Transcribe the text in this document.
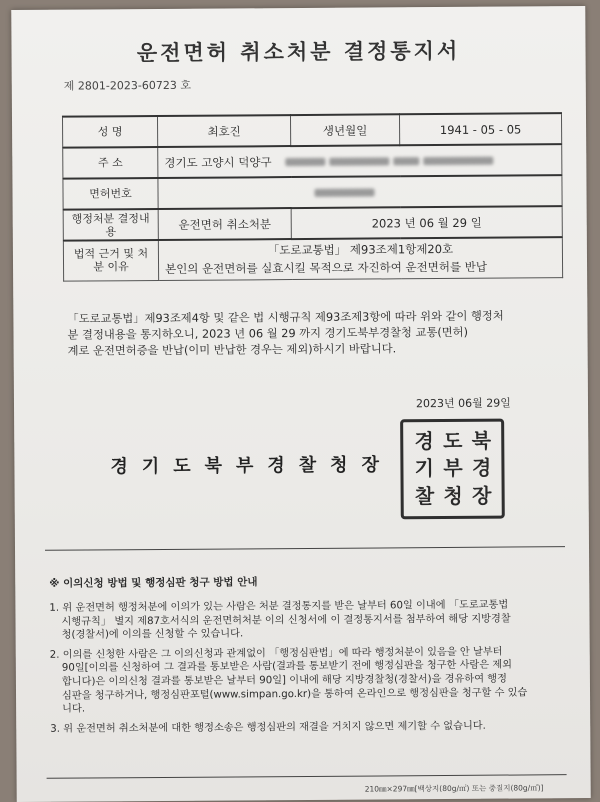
운전면허 취소처분 결정통지서
제 2801-2023-60723 호
성 명	최호진	생년월일	1941 - 05 - 05
주 소	경기도 고양시 덕양구		
면허번호			
행정처분 결정내용	운전면허 취소처분	2023 년 06 월 29 일	
법적 근거 및 처분 이유	「도로교통법」 제93조제1항제20호
본인의 운전면허를 실효시킬 목적으로 자진하여 운전면허를 반납		
「도로교통법」제93조제4항 및 같은 법 시행규칙 제93조제3항에 따라 위와 같이 행정처
분 결정내용을 통지하오니, 2023 년 06 월 29 까지 경기도북부경찰청 교통(면허)
계로 운전면허증을 반납(이미 반납한 경우는 제외)하시기 바랍니다.
2023년 06월 29일
경기도북부경찰청장
경 도 북
기 부 경
찰 청 장
※ 이의신청 방법 및 행정심판 청구 방법 안내
1. 위 운전면허 행정처분에 이의가 있는 사람은 처분 결정통지를 받은 날부터 60일 이내에 「도로교통법
시행규칙」 별지 제87호서식의 운전면허처분 이의 신청서에 이 결정통지서를 첨부하여 해당 지방경찰
청(경찰서)에 이의를 신청할 수 있습니다.
2. 이의를 신청한 사람은 그 이의신청과 관계없이 「행정심판법」에 따라 행정처분이 있음을 안 날부터
90일[이의를 신청하여 그 결과를 통보받은 사람(결과를 통보받기 전에 행정심판을 청구한 사람은 제외
합니다)은 이의신청 결과를 통보받은 날부터 90일] 이내에 해당 지방경찰청(경찰서)을 경유하여 행정
심판을 청구하거나, 행정심판포털(www.simpan.go.kr)을 통하여 온라인으로 행정심판을 청구할 수 있습
니다.
3. 위 운전면허 취소처분에 대한 행정소송은 행정심판의 재결을 거치지 않으면 제기할 수 없습니다.
210㎜×297㎜[백상지(80g/㎡) 또는 중질지(80g/㎡)]
